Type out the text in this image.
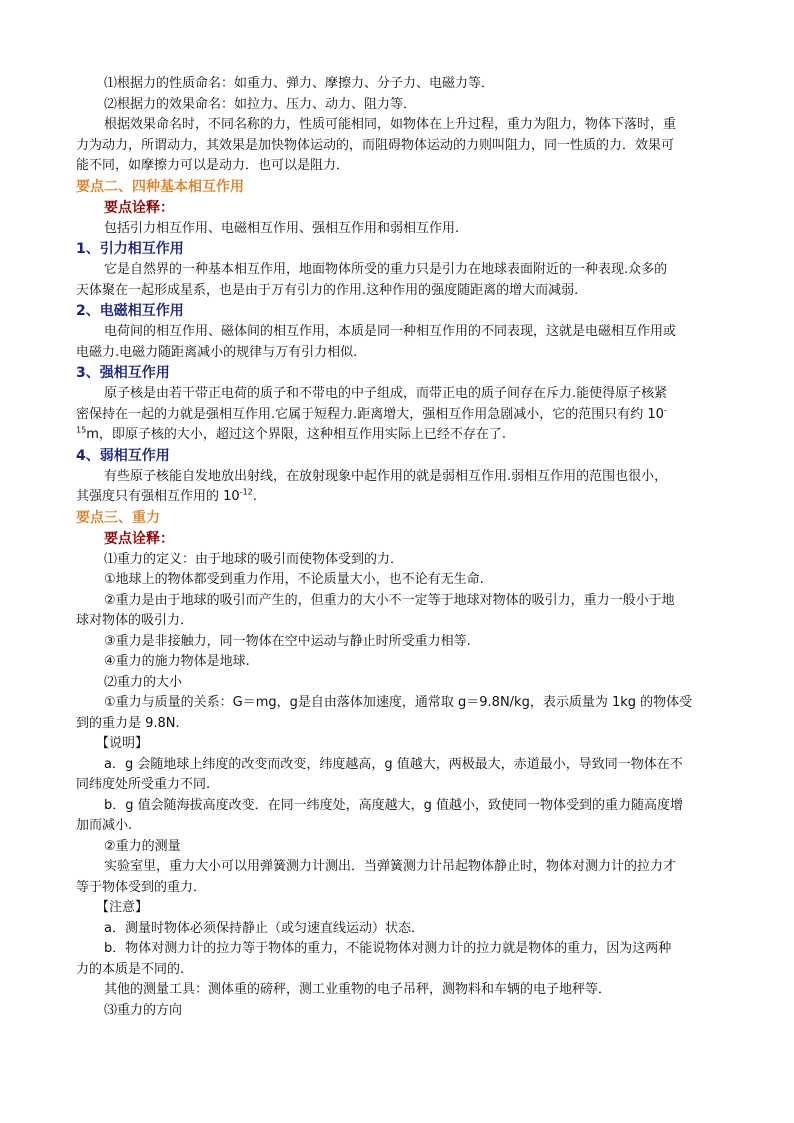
⑴根据力的性质命名：如重力、弹力、摩擦力、分子力、电磁力等．
⑵根据力的效果命名：如拉力、压力、动力、阻力等．
根据效果命名时，不同名称的力，性质可能相同，如物体在上升过程，重力为阻力，物体下落时，重
力为动力，所谓动力，其效果是加快物体运动的，而阻碍物体运动的力则叫阻力，同一性质的力．效果可
能不同，如摩擦力可以是动力．也可以是阻力．
要点二、四种基本相互作用
要点诠释：
包括引力相互作用、电磁相互作用、强相互作用和弱相互作用.
1、引力相互作用
它是自然界的一种基本相互作用，地面物体所受的重力只是引力在地球表面附近的一种表现.众多的
天体聚在一起形成星系，也是由于万有引力的作用.这种作用的强度随距离的增大而减弱.
2、电磁相互作用
电荷间的相互作用、磁体间的相互作用，本质是同一种相互作用的不同表现，这就是电磁相互作用或
电磁力.电磁力随距离减小的规律与万有引力相似.
3、强相互作用
原子核是由若干带正电荷的质子和不带电的中子组成，而带正电的质子间存在斥力.能使得原子核紧
密保持在一起的力就是强相互作用.它属于短程力.距离增大，强相互作用急剧减小，它的范围只有约 10-
$^{15}$m，即原子核的大小，超过这个界限，这种相互作用实际上已经不存在了.
4、弱相互作用
有些原子核能自发地放出射线，在放射现象中起作用的就是弱相互作用.弱相互作用的范围也很小，
其强度只有强相互作用的 $10^{-12}$.
要点三、重力
要点诠释：
⑴重力的定义：由于地球的吸引而使物体受到的力．
①地球上的物体都受到重力作用，不论质量大小，也不论有无生命.
②重力是由于地球的吸引而产生的，但重力的大小不一定等于地球对物体的吸引力，重力一般小于地
球对物体的吸引力．
③重力是非接触力，同一物体在空中运动与静止时所受重力相等.
④重力的施力物体是地球.
⑵重力的大小
①重力与质量的关系：G＝mg，g是自由落体加速度，通常取 g＝9.8N/kg，表示质量为 1kg 的物体受
到的重力是 9.8N.
【说明】
a．g 会随地球上纬度的改变而改变，纬度越高，g 值越大，两极最大，赤道最小，导致同一物体在不
同纬度处所受重力不同.
b．g 值会随海拔高度改变．在同一纬度处，高度越大，g 值越小，致使同一物体受到的重力随高度增
加而减小.
②重力的测量
实验室里，重力大小可以用弹簧测力计测出．当弹簧测力计吊起物体静止时，物体对测力计的拉力才
等于物体受到的重力．
【注意】
a．测量时物体必须保持静止（或匀速直线运动）状态．
b．物体对测力计的拉力等于物体的重力，不能说物体对测力计的拉力就是物体的重力，因为这两种
力的本质是不同的.
其他的测量工具：测体重的磅秤，测工业重物的电子吊秤，测物料和车辆的电子地秤等．
⑶重力的方向
